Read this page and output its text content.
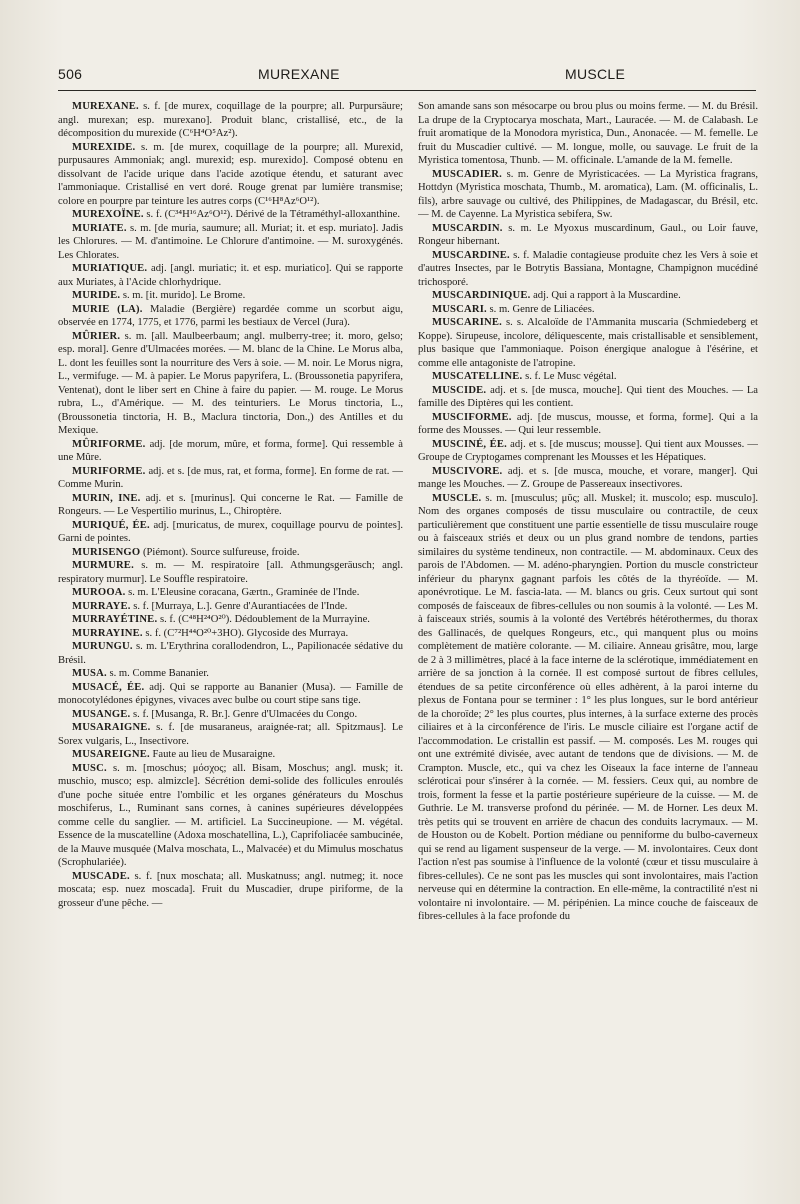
506	MUREXANE	MUSCLE

MUREXANE. s. f. [de murex, coquillage de la pourpre; all. Purpursäure; angl. murexan; esp. murexano]. Produit blanc, cristallisé, etc., de la décomposition du murexide (C⁶H⁴O⁵Az²).

MUREXIDE. s. m. [de murex, coquillage de la pourpre; all. Murexid, purpusaures Ammoniak; angl. murexid; esp. murexido]. Composé obtenu en dissolvant de l'acide urique dans l'acide azotique étendu, et saturant avec l'ammoniaque. Cristallisé en vert doré. Rouge grenat par lumière transmise; colore en pourpre par teinture les autres corps (C¹⁶H⁸Az⁶O¹²).

MUREXOÏNE. s. f. (C³⁴H¹⁶Az⁶O¹²). Dérivé de la Tétraméthyl-alloxanthine.

MURIATE. s. m. [de muria, saumure; all. Muriat; it. et esp. muriato]. Jadis les Chlorures. — M. d'antimoine. Le Chlorure d'antimoine. — M. suroxygénés. Les Chlorates.

MURIATIQUE. adj. [angl. muriatic; it. et esp. muriatico]. Qui se rapporte aux Muriates, à l'Acide chlorhydrique.

MURIDE. s. m. [it. murido]. Le Brome.

MURIE (LA). Maladie (Bergière) regardée comme un scorbut aigu, observée en 1774, 1775, et 1776, parmi les bestiaux de Vercel (Jura).

MÛRIER. s. m. [all. Maulbeerbaum; angl. mulberry-tree; it. moro, gelso; esp. moral]. Genre d'Ulmacées morées. — M. blanc de la Chine. Le Morus alba, L. dont les feuilles sont la nourriture des Vers à soie. — M. noir. Le Morus nigra, L., vermifuge. — M. à papier. Le Morus papyrifera, L. (Broussonetia papyrifera, Ventenat), dont le liber sert en Chine à faire du papier. — M. rouge. Le Morus rubra, L., d'Amérique. — M. des teinturiers. Le Morus tinctoria, L., (Broussonetia tinctoria, H. B., Maclura tinctoria, Don.,) des Antilles et du Mexique.

MÛRIFORME. adj. [de morum, mûre, et forma, forme]. Qui ressemble à une Mûre.

MURIFORME. adj. et s. [de mus, rat, et forma, forme]. En forme de rat. — Comme Murin.

MURIN, INE. adj. et s. [murinus]. Qui concerne le Rat. — Famille de Rongeurs. — Le Vespertilio murinus, L., Chiroptère.

MURIQUÉ, ÉE. adj. [muricatus, de murex, coquillage pourvu de pointes]. Garni de pointes.

MURISENGO (Piémont). Source sulfureuse, froide.

MURMURE. s. m. — M. respiratoire [all. Athmungsgeräusch; angl. respiratory murmur]. Le Souffle respiratoire.

MUROOA. s. m. L'Eleusine coracana, Gærtn., Graminée de l'Inde.

MURRAYE. s. f. [Murraya, L.]. Genre d'Aurantiacées de l'Inde.

MURRAYÉTINE. s. f. (C⁴⁸H²⁴O²⁰). Dédoublement de la Murrayine.

MURRAYINE. s. f. (C⁷²H⁴⁴O²⁰+3HO). Glycoside des Murraya.

MURUNGU. s. m. L'Erythrina corallodendron, L., Papilionacée sédative du Brésil.

MUSA. s. m. Comme Bananier.

MUSACÉ, ÉE. adj. Qui se rapporte au Bananier (Musa). — Famille de monocotylédones épigynes, vivaces avec bulbe ou court stipe sans tige.

MUSANGE. s. f. [Musanga, R. Br.]. Genre d'Ulmacées du Congo.

MUSARAIGNE. s. f. [de musaraneus, araignée-rat; all. Spitzmaus]. Le Sorex vulgaris, L., Insectivore.

MUSAREIGNE. Faute au lieu de Musaraigne.

MUSC. s. m. [moschus; μόσχος; all. Bisam, Moschus; angl. musk; it. muschio, musco; esp. almizcle]. Sécrétion demi-solide des follicules enroulés d'une poche située entre l'ombilic et les organes générateurs du Moschus moschiferus, L., Ruminant sans cornes, à canines supérieures développées comme celle du sanglier. — M. artificiel. La Succineupione. — M. végétal. Essence de la muscatelline (Adoxa moschatellina, L.), Caprifoliacée sambucinée, de la Mauve musquée (Malva moschata, L., Malvacée) et du Mimulus moschatus (Scrophulariée).

MUSCADE. s. f. [nux moschata; all. Muskatnuss; angl. nutmeg; it. noce moscata; esp. nuez moscada]. Fruit du Muscadier, drupe piriforme, de la grosseur d'une pêche. —

Son amande sans son mésocarpe ou brou plus ou moins ferme. — M. du Brésil. La drupe de la Cryptocarya moschata, Mart., Lauracée. — M. de Calabash. Le fruit aromatique de la Monodora myristica, Dun., Anonacée. — M. femelle. Le fruit du Muscadier cultivé. — M. longue, molle, ou sauvage. Le fruit de la Myristica tomentosa, Thunb. — M. officinale. L'amande de la M. femelle.

MUSCADIER. s. m. Genre de Myristicacées. — La Myristica fragrans, Hottdyn (Myristica moschata, Thumb., M. aromatica), Lam. (M. officinalis, L. fils), arbre sauvage ou cultivé, des Philippines, de Madagascar, du Brésil, etc. — M. de Cayenne. La Myristica sebifera, Sw.

MUSCARDIN. s. m. Le Myoxus muscardinum, Gaul., ou Loir fauve, Rongeur hibernant.

MUSCARDINE. s. f. Maladie contagieuse produite chez les Vers à soie et d'autres Insectes, par le Botrytis Bassiana, Montagne, Champignon mucédiné trichosporé.

MUSCARDINIQUE. adj. Qui a rapport à la Muscardine.

MUSCARI. s. m. Genre de Liliacées.

MUSCARINE. s. s. Alcaloïde de l'Ammanita muscaria (Schmiedeberg et Koppe). Sirupeuse, incolore, déliquescente, mais cristallisable et sensiblement, plus basique que l'ammoniaque. Poison énergique analogue à l'ésérine, et comme elle antagoniste de l'atropine.

MUSCATELLINE. s. f. Le Musc végétal.

MUSCIDE. adj. et s. [de musca, mouche]. Qui tient des Mouches. — La famille des Diptères qui les contient.

MUSCIFORME. adj. [de muscus, mousse, et forma, forme]. Qui a la forme des Mousses. — Qui leur ressemble.

MUSCINÉ, ÉE. adj. et s. [de muscus; mousse]. Qui tient aux Mousses. — Groupe de Cryptogames comprenant les Mousses et les Hépatiques.

MUSCIVORE. adj. et s. [de musca, mouche, et vorare, manger]. Qui mange les Mouches. — Z. Groupe de Passereaux insectivores.

MUSCLE. s. m. [musculus; μῦς; all. Muskel; it. muscolo; esp. musculo]. Nom des organes composés de tissu musculaire ou contractile, de ceux particulièrement que constituent une partie essentielle de tissu musculaire rouge ou à faisceaux striés et deux ou un plus grand nombre de tendons, parties similaires du système tendineux, non contractile. — M. abdominaux. Ceux des parois de l'Abdomen. — M. adéno-pharyngien. Portion du muscle constricteur inférieur du pharynx gagnant parfois les côtés de la thyréoïde. — M. aponévrotique. Le M. fascia-lata. — M. blancs ou gris. Ceux surtout qui sont composés de faisceaux de fibres-cellules ou non soumis à la volonté. — Les M. à faisceaux striés, soumis à la volonté des Vertébrés hétérothermes, du thorax des Gallinacés, de quelques Rongeurs, etc., qui manquent plus ou moins complètement de matière colorante. — M. ciliaire. Anneau grisâtre, mou, large de 2 à 3 millimètres, placé à la face interne de la sclérotique, immédiatement en arrière de sa jonction à la cornée. Il est composé surtout de fibres cellules, étendues de sa petite circonférence où elles adhèrent, à la paroi interne du plexus de Fontana pour se terminer : 1° les plus longues, sur le bord antérieur de la choroïde; 2° les plus courtes, plus internes, à la surface externe des procès ciliaires et à la circonférence de l'iris. Le muscle ciliaire est l'organe actif de l'accommodation. Le cristallin est passif. — M. composés. Les M. rouges qui ont une extrémité divisée, avec autant de tendons que de divisions. — M. de Crampton. Muscle, etc., qui va chez les Oiseaux la face interne de l'anneau scléroticai pour s'insérer à la cornée. — M. fessiers. Ceux qui, au nombre de trois, forment la fesse et la partie postérieure supérieure de la cuisse. — M. de Guthrie. Le M. transverse profond du périnée. — M. de Horner. Les deux M. très petits qui se trouvent en arrière de chacun des conduits lacrymaux. — M. de Houston ou de Kobelt. Portion médiane ou penniforme du bulbo-caverneux qui se rend au ligament suspenseur de la verge. — M. involontaires. Ceux dont l'action n'est pas soumise à l'influence de la volonté (cœur et tissu musculaire à fibres-cellules). Ce ne sont pas les muscles qui sont involontaires, mais l'action nerveuse qui en détermine la contraction. En elle-même, la contractilité n'est ni volontaire ni involontaire. — M. péripénien. La mince couche de faisceaux de fibres-cellules à la face profonde du
